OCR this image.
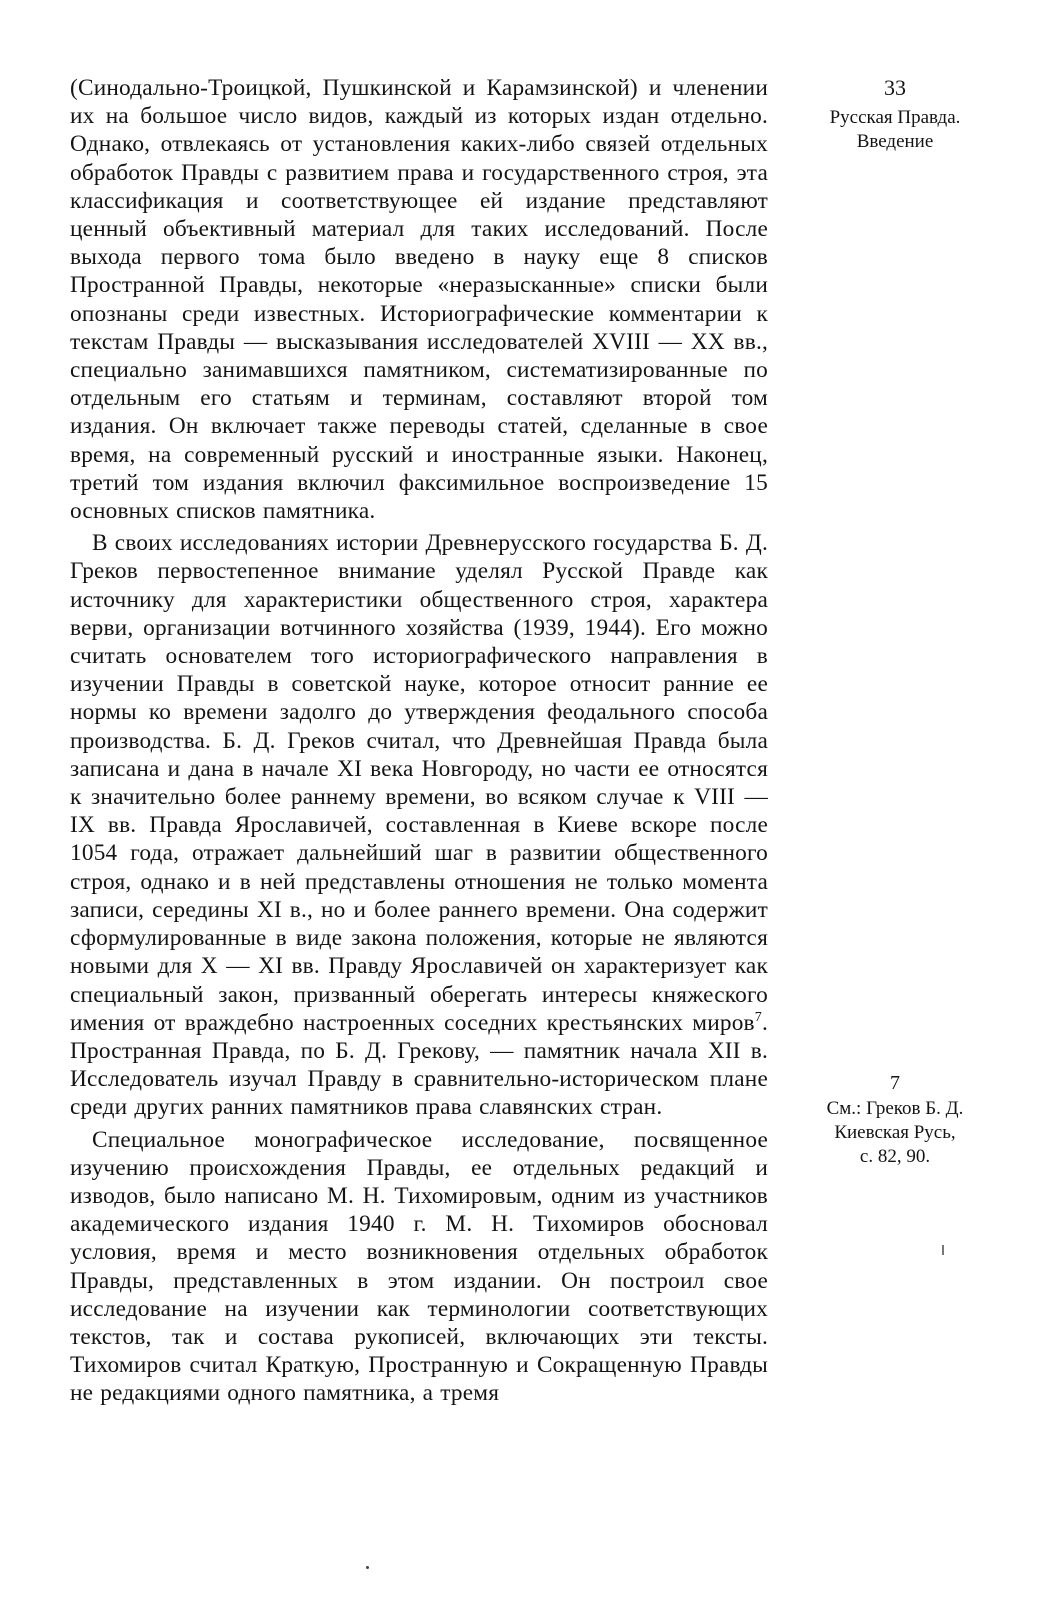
(Синодально-Троицкой, Пушкинской и Карамзинской) и членении их на большое число видов, каждый из которых издан отдельно. Однако, отвлекаясь от установления каких-либо связей отдельных обработок Правды с развитием права и государственного строя, эта классификация и соответствующее ей издание представляют ценный объективный материал для таких исследований. После выхода первого тома было введено в науку еще 8 списков Пространной Правды, некоторые «неразысканные» списки были опознаны среди известных. Историографические комментарии к текстам Правды — высказывания исследователей XVIII — XX вв., специально занимавшихся памятником, систематизированные по отдельным его статьям и терминам, составляют второй том издания. Он включает также переводы статей, сделанные в свое время, на современный русский и иностранные языки. Наконец, третий том издания включил факсимильное воспроизведение 15 основных списков памятника.

В своих исследованиях истории Древнерусского государства Б. Д. Греков первостепенное внимание уделял Русской Правде как источнику для характеристики общественного строя, характера верви, организации вотчинного хозяйства (1939, 1944). Его можно считать основателем того историографического направления в изучении Правды в советской науке, которое относит ранние ее нормы ко времени задолго до утверждения феодального способа производства. Б. Д. Греков считал, что Древнейшая Правда была записана и дана в начале XI века Новгороду, но части ее относятся к значительно более раннему времени, во всяком случае к VIII — IX вв. Правда Ярославичей, составленная в Киеве вскоре после 1054 года, отражает дальнейший шаг в развитии общественного строя, однако и в ней представлены отношения не только момента записи, середины XI в., но и более раннего времени. Она содержит сформулированные в виде закона положения, которые не являются новыми для X — XI вв. Правду Ярославичей он характеризует как специальный закон, призванный оберегать интересы княжеского имения от враждебно настроенных соседних крестьянских миров$^7$. Пространная Правда, по Б. Д. Грекову, — памятник начала XII в. Исследователь изучал Правду в сравнительно-историческом плане среди других ранних памятников права славянских стран.

Специальное монографическое исследование, посвященное изучению происхождения Правды, ее отдельных редакций и изводов, было написано М. Н. Тихомировым, одним из участников академического издания 1940 г. М. Н. Тихомиров обосновал условия, время и место возникновения отдельных обработок Правды, представленных в этом издании. Он построил свое исследование на изучении как терминологии соответствующих текстов, так и состава рукописей, включающих эти тексты. Тихомиров считал Краткую, Пространную и Сокращенную Правды не редакциями одного памятника, а тремя

33
Русская Правда.
Введение
7
См.: Греков Б. Д.
Киевская Русь,
с. 82, 90.
